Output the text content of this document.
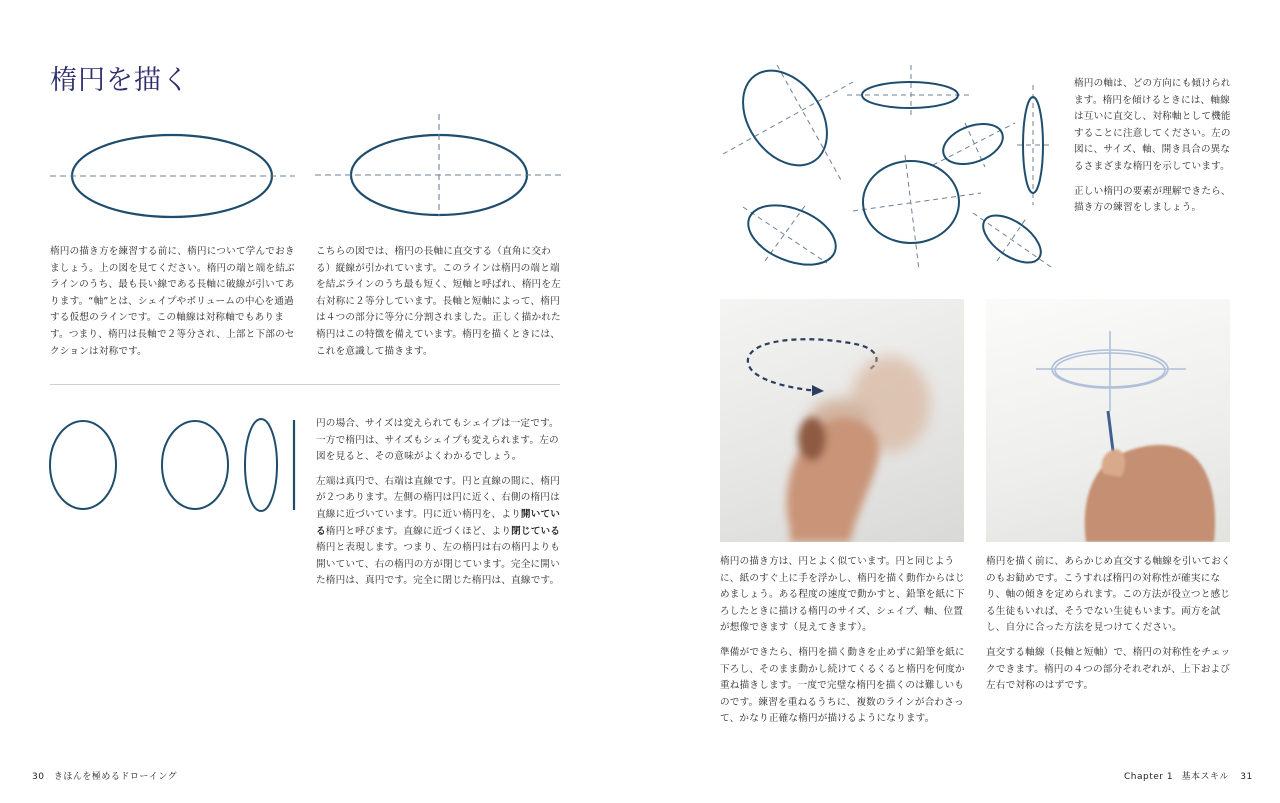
楕円を描く

楕円の描き方を練習する前に、楕円について学んでおきましょう。上の図を見てください。楕円の端と端を結ぶラインのうち、最も長い線である長軸に破線が引いてあります。“軸”とは、シェイプやボリュームの中心を通過する仮想のラインです。この軸線は対称軸でもあります。つまり、楕円は長軸で２等分され、上部と下部のセクションは対称です。

こちらの図では、楕円の長軸に直交する（直角に交わる）縦線が引かれています。このラインは楕円の端と端を結ぶラインのうち最も短く、短軸と呼ばれ、楕円を左右対称に２等分しています。長軸と短軸によって、楕円は４つの部分に等分に分割されました。正しく描かれた楕円はこの特徴を備えています。楕円を描くときには、これを意識して描きます。

円の場合、サイズは変えられてもシェイプは一定です。一方で楕円は、サイズもシェイプも変えられます。左の図を見ると、その意味がよくわかるでしょう。

左端は真円で、右端は直線です。円と直線の間に、楕円が２つあります。左側の楕円は円に近く、右側の楕円は直線に近づいています。円に近い楕円を、より開いている楕円と呼びます。直線に近づくほど、より閉じている楕円と表現します。つまり、左の楕円は右の楕円よりも開いていて、右の楕円の方が閉じています。完全に開いた楕円は、真円です。完全に閉じた楕円は、直線です。

30 きほんを極めるドローイング

楕円の軸は、どの方向にも傾けられます。楕円を傾けるときには、軸線は互いに直交し、対称軸として機能することに注意してください。左の図に、サイズ、軸、開き具合の異なるさまざまな楕円を示しています。

正しい楕円の要素が理解できたら、描き方の練習をしましょう。

楕円の描き方は、円とよく似ています。円と同じように、紙のすぐ上に手を浮かし、楕円を描く動作からはじめましょう。ある程度の速度で動かすと、鉛筆を紙に下ろしたときに描ける楕円のサイズ、シェイプ、軸、位置が想像できます（見えてきます）。

準備ができたら、楕円を描く動きを止めずに鉛筆を紙に下ろし、そのまま動かし続けてくるくると楕円を何度か重ね描きします。一度で完璧な楕円を描くのは難しいものです。練習を重ねるうちに、複数のラインが合わさって、かなり正確な楕円が描けるようになります。

楕円を描く前に、あらかじめ直交する軸線を引いておくのもお勧めです。こうすれば楕円の対称性が確実になり、軸の傾きを定められます。この方法が役立つと感じる生徒もいれば、そうでない生徒もいます。両方を試し、自分に合った方法を見つけてください。

直交する軸線（長軸と短軸）で、楕円の対称性をチェックできます。楕円の４つの部分それぞれが、上下および左右で対称のはずです。

Chapter 1 基本スキル 31
